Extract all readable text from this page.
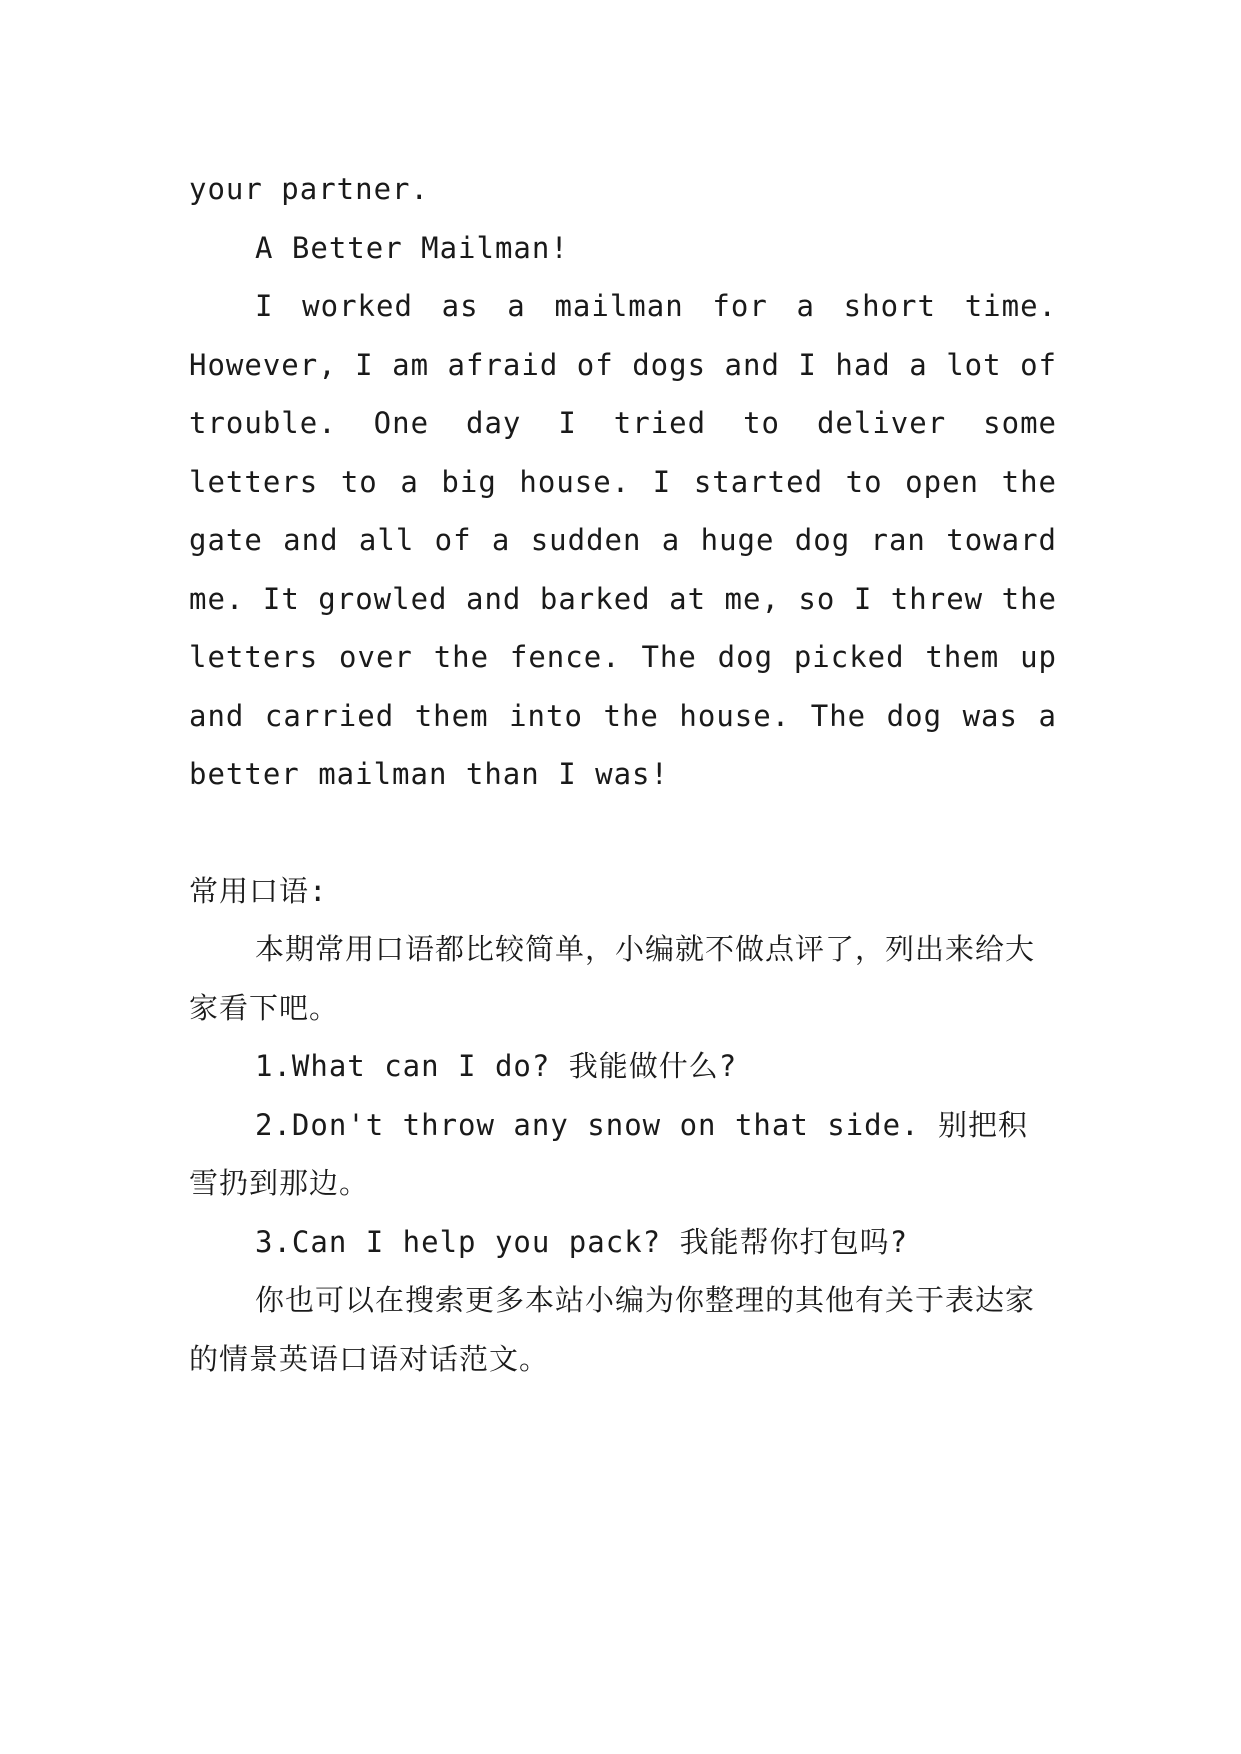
your partner.

A Better Mailman!

I worked as a mailman for a short time. However, I am afraid of dogs and I had a lot of trouble. One day I tried to deliver some letters to a big house. I started to open the gate and all of a sudden a huge dog ran toward me. It growled and barked at me, so I threw the letters over the fence. The dog picked them up and carried them into the house. The dog was a better mailman than I was!

常用口语:

本期常用口语都比较简单，小编就不做点评了，列出来给大家看下吧。

1.What can I do? 我能做什么?

2.Don't throw any snow on that side. 别把积雪扔到那边。

3.Can I help you pack? 我能帮你打包吗?

你也可以在搜索更多本站小编为你整理的其他有关于表达家的情景英语口语对话范文。
